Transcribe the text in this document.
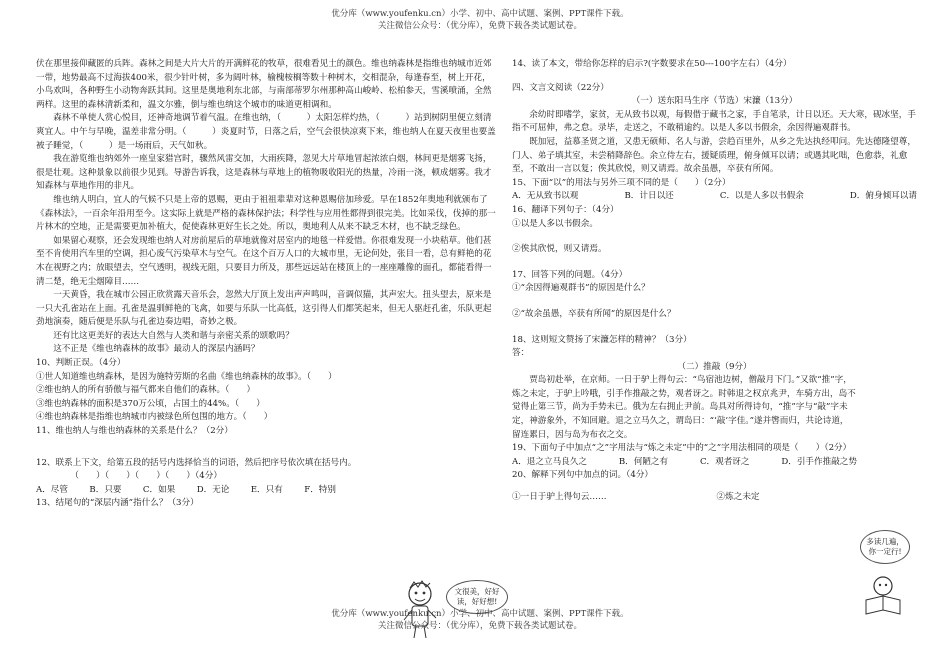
优分库（www.youfenku.cn）小学、初中、高中试题、案例、PPT课件下载。
关注微信公众号：（优分库），免费下载各类试题试卷。

伏在那里接仰藏匿的兵阵。森林之间是大片大片的开满鲜花的牧草，很难看见土的颜色。维也纳森林是指维也纳城市近郊一带，地势最高不过海拔400米，很少针叶树，多为阔叶林，榆槐桉榈等数十种树木，交相混杂，每逢春至，树上开花，小鸟欢叫，各种野生小动物奔跃其间。这里是奥地利东北部，与南部蒂罗尔州那种高山峻岭、松柏参天，雪溪喷涌，全然两样。这里的森林清新柔和，温文尔雅，倒与维也纳这个城市的味道更相调和。

森林不单使人赏心悦目，还神奇地调节着气温。在维也纳，（　　　）太阳怎样灼热，（　　　）站到树阴里便立刻清爽宜人。中午与早晚，温差非常分明。（　　　）炎夏时节，日落之后，空气会很快凉爽下来，维也纳人在夏天夜里也要盖被子睡觉，（　　　）是一场雨后，天气如秋。

我在游览维也纳郊外一座皇家猎宫时，骤然风雷交加，大雨疾降，忽见大片草地冒起浓浓白烟，林间更是烟雾飞扬，很是壮观。这种景象以前很少见到。导游告诉我，这是森林与草地上的植物吸收阳光的热量，冷雨一浇，顿成烟雾。我才知森林与草地作用的非凡。

维也纳人明白，宜人的气候不只是上帝的恩赐，更由于祖祖辈辈对这种恩赐倍加珍爱。早在1852年奥地利就颁布了《森林法》，一百余年沿用至今。这实际上就是严格的森林保护法；科学性与应用性都得到很完美。比如采伐，伐掉的那一片林木的空地，正是需要更加补植大，促使森林更好生长之处。所以，奥地利人从来不缺乏木材，也不缺乏绿色。

如果留心观察，还会发现维也纳人对房前屋后的草地就像对居室内的地毯一样爱惜。你很难发现一小块秸草。他们甚至不肯使用汽车里的空调，担心废气污染草木与空气。在这个百万人口的大城市里，无论何处，张目一看，总有鲜艳的花木在视野之内；放眼望去，空气透明，视线无阻，只要目力所及，那些远远站在楼顶上的一座座雕像的面孔，都能看得一清二楚，绝无尘烟障目……

一天黄昏，我在城市公园正欣赏露天音乐会，忽然大厅顶上发出声声鸣叫，音调似猫，其声宏大。扭头望去，原来是一只大孔雀站在上面。孔雀是温驯鲜艳的飞禽，如要与乐队一比高低，这引得人们都笑起来，但无人驱赶孔雀，乐队更起劲地演奏，随后便是乐队与孔雀边奏边唱，奇妙之极。

还有比这更美好的表达大自然与人类和谐与亲密关系的颂歌吗？

这不正是《维也纳森林的故事》最动人的深层内涵吗？

10、判断正误。（4分）

①世人知道维也纳森林，是因为施特劳斯的名曲《维也纳森林的故事》。（　　）

②维也纳人的所有骄傲与福气都来自他们的森林。（　　）

③维也纳森林的面积是370万公顷，占国土的44%。（　　）

④维也纳森林是指维也纳城市内被绿色所包围的地方。（　　）

11、维也纳人与维也纳森林的关系是什么？（2分）

12、联系上下文，给第五段的括号内选择恰当的词语，然后把序号依次填在括号内。

（　　）（　　）（　　）（　　）（4分）

A．尽管 B．只要 C．如果 D．无论 E．只有 F．特别

13、结尾句的“深层内涵”指什么？（3分）

14、读了本文，带给你怎样的启示?(字数要求在50---100字左右）（4分）

四、文言文阅读（22分）

（一）送东阳马生序（节选）宋濂（13分）

余幼时即嗜学，家贫，无从致书以观，每假借于藏书之家，手自笔录，计日以还。天大寒，砚冰坚，手指不可屈伸，弗之怠。录毕，走送之，不敢稍逾约。以是人多以书假余，余因得遍观群书。

既加冠，益慕圣贤之道，又患无硕师、名人与游，尝趋百里外，从乡之先达执经叩问。先达德隆望尊，门人、弟子填其室，未尝稍降辞色。余立侍左右，援疑质理，俯身倾耳以请；或遇其叱咄，色愈恭，礼愈至，不敢出一言以复；俟其欣悦，则又请焉。故余虽愚，卒获有所闻。

15、下面“以”的用法与另外三项不同的是（　　）（2分）

A．无从致书以观	B．计日以还	C．以是人多以书假余	D．俯身倾耳以请

16、翻译下列句子：（4分）

①以是人多以书假余。

②俟其欣悦，则又请焉。

17、回答下列的问题。（4分）

①“余因得遍观群书”的原因是什么？

②“故余虽愚，卒获有所闻”的原因是什么？

18、这则短文赞扬了宋濂怎样的精神？（3分）

答：

（二）推敲（9分）

贾岛初赴举，在京师。一日于驴上得句云：“鸟宿池边树，僧敲月下门。”又欲“推”字，炼之未定，于驴上吟哦，引手作推敲之势，观者讶之。时韩退之权京兆尹，车骑方出，岛不觉得止第三节，尚为手势未已。俄为左右拥止尹前。岛具对所得诗句，“推”字与“敲”字未定，神游象外，不知回避。退之立马久之，谓岛曰：“‘敲’字佳。”遂并辔而归，共论诗道，留连累日，因与岛为布衣之交。

19、下面句子中加点“之”字用法与“炼之未定”中的“之”字用法相同的项是（　　）（2分）

A．退之立马良久之	B．何陋之有	C．观者讶之	D．引手作推敲之势

20、解释下列句中加点的词。（4分）

①一日于驴上得句云……	②炼之未定
文很美，好好读，好好想!
多读几遍，你一定行!
优分库（www.youfenku.cn）小学、初中、高中试题、案例、PPT课件下载。
关注微信公众号：（优分库），免费下载各类试题试卷。
